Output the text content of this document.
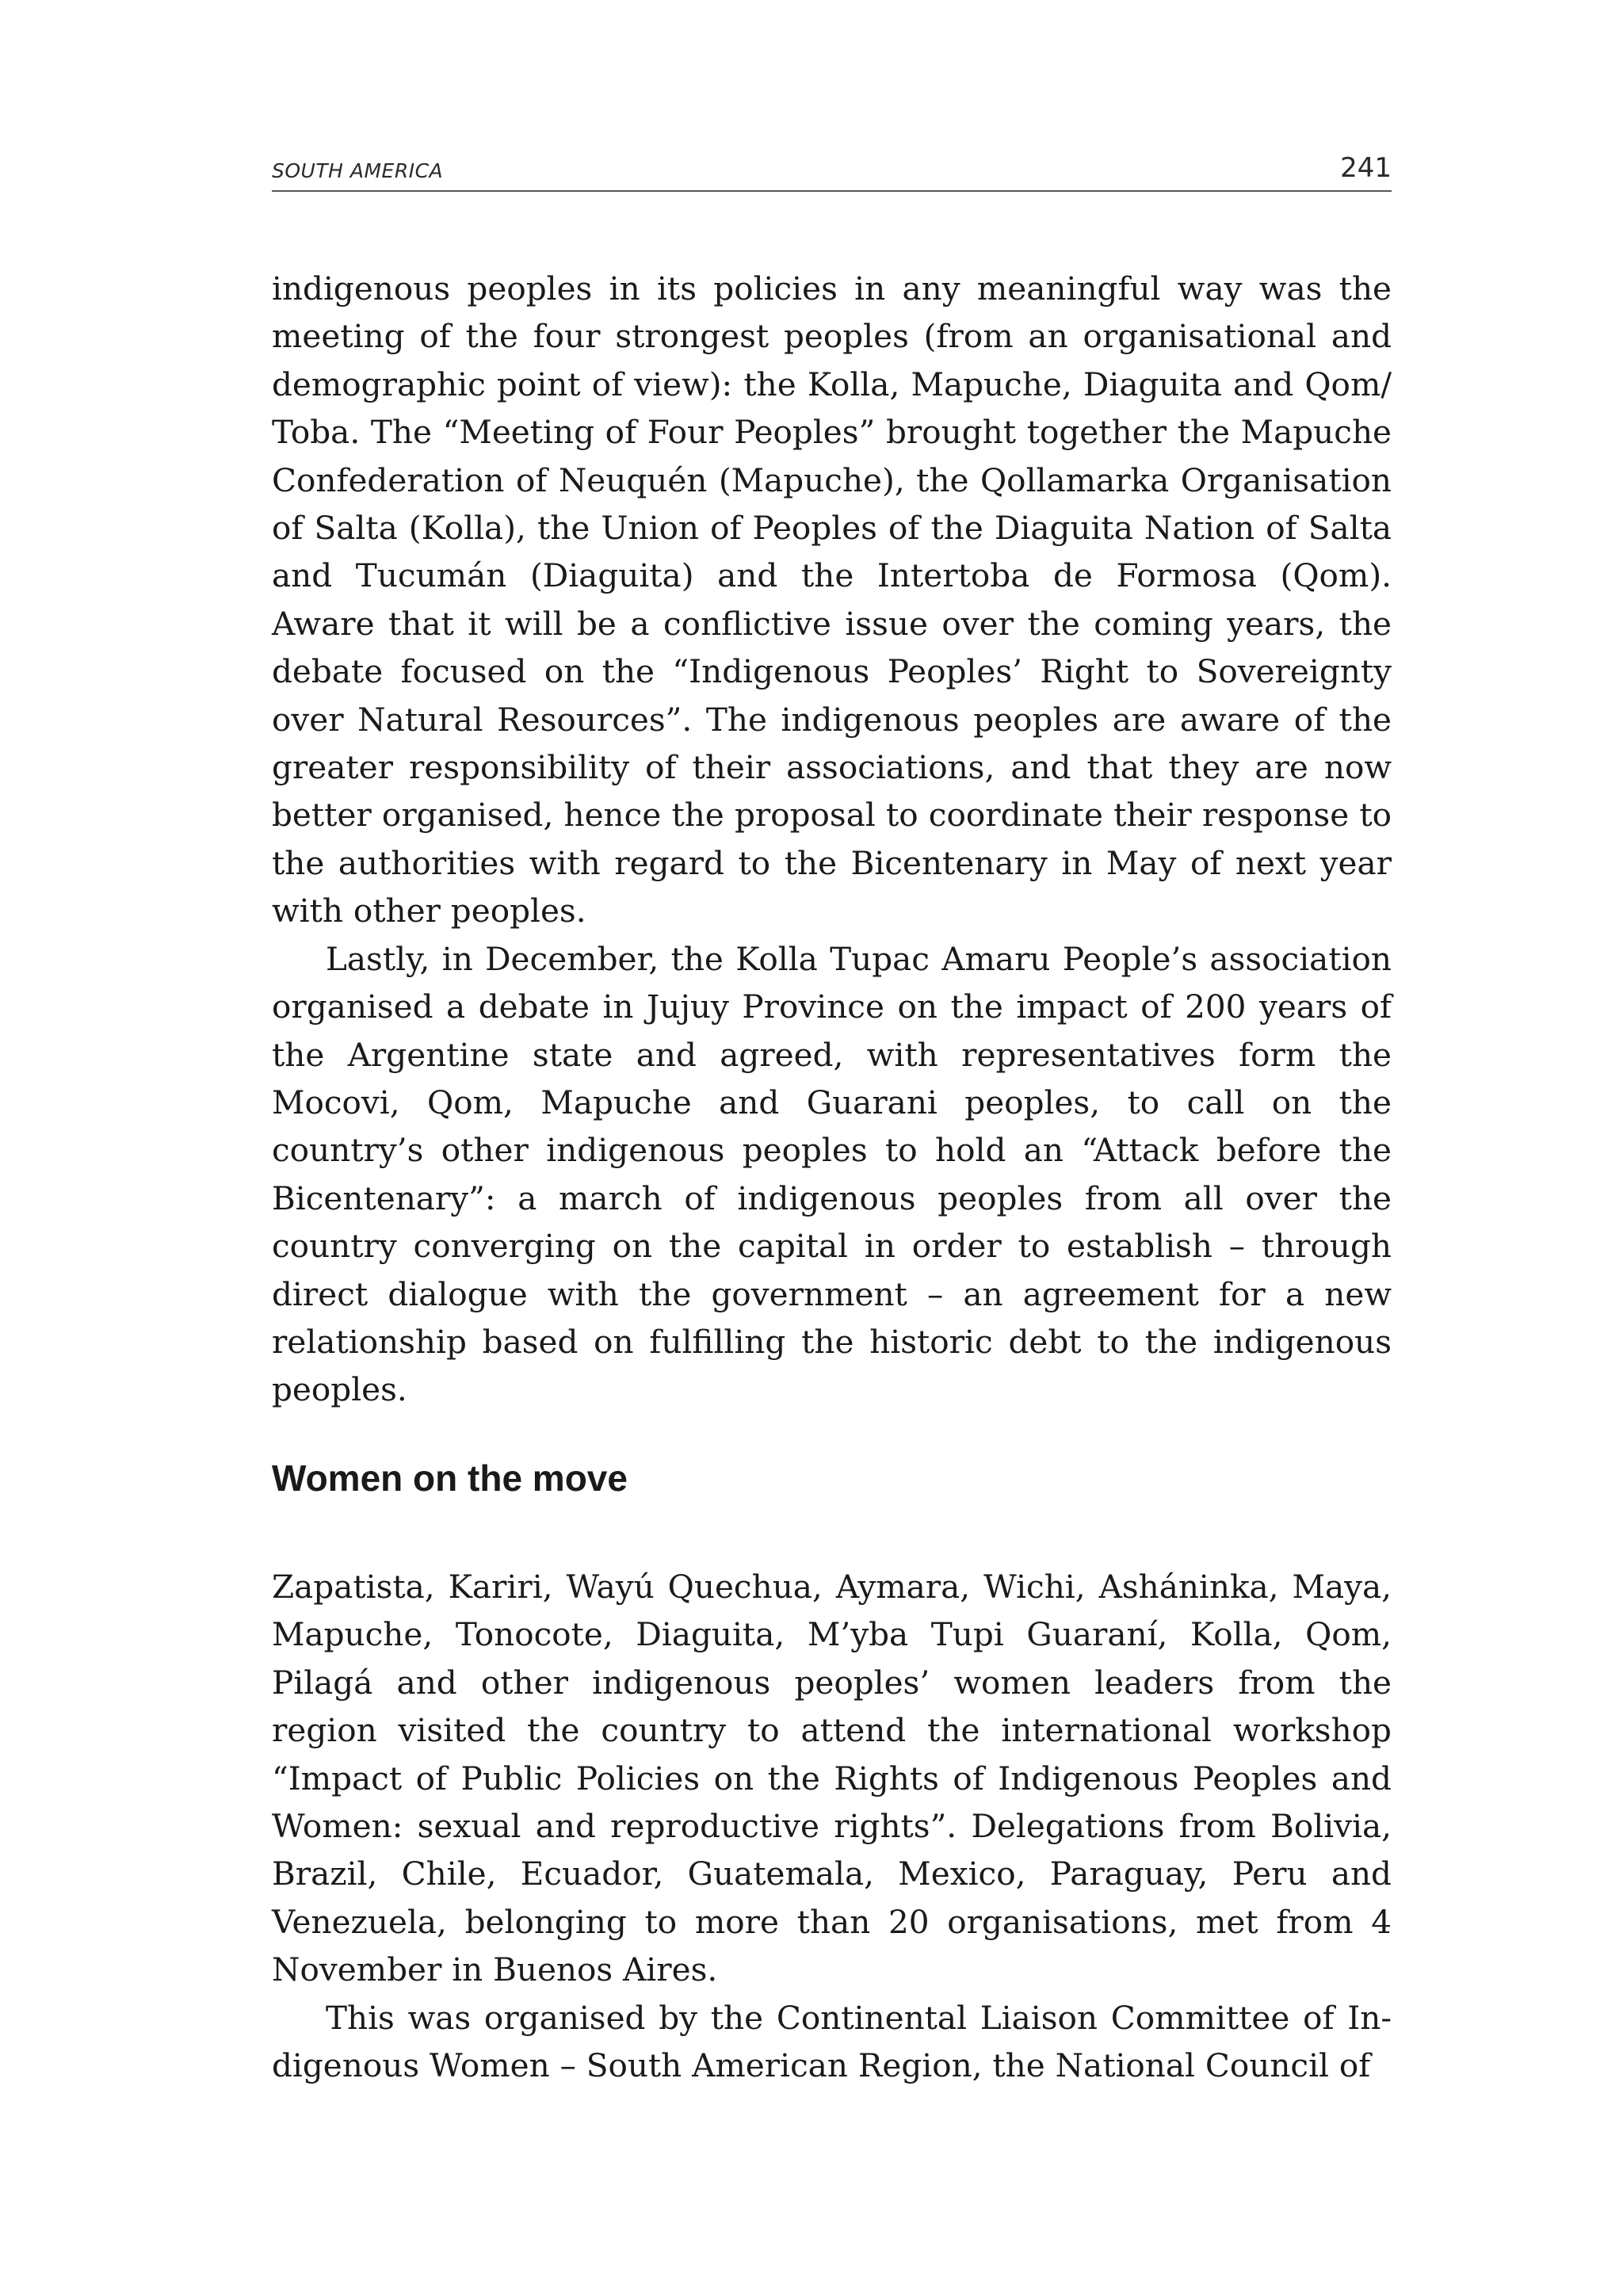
SOUTH AMERICA	241

indigenous peoples in its policies in any meaningful way was the meeting of the four strongest peoples (from an organisational and demographic point of view): the Kolla, Mapuche, Diaguita and Qom/​Toba. The “Meeting of Four Peoples” brought together the Mapuche Confederation of Neuquén (Mapuche), the Qollamarka Organisation of Salta (Kolla), the Union of Peoples of the Diaguita Nation of Salta and Tucumán (Diaguita) and the Intertoba de Formosa (Qom). Aware that it will be a conflictive issue over the coming years, the debate focused on the “Indigenous Peoples’ Right to Sovereignty over Natural Resources”. The indigenous peoples are aware of the greater responsibility of their associations, and that they are now better organised, hence the proposal to coordinate their response to the authorities with regard to the Bicentenary in May of next year with other peoples.

Lastly, in December, the Kolla Tupac Amaru People’s association organised a debate in Jujuy Province on the impact of 200 years of the Argentine state and agreed, with representatives form the Mocovi, Qom, Mapuche and Guarani peoples, to call on the country’s other indigenous peoples to hold an “Attack before the Bicentenary”: a march of indigenous peoples from all over the country converging on the capital in order to establish – through direct dialogue with the government – an agreement for a new relationship based on fulfilling the historic debt to the indigenous peoples.

Women on the move

Zapatista, Kariri, Wayú Quechua, Aymara, Wichi, Asháninka, Maya, Mapuche, Tonocote, Diaguita, M’yba Tupi Guaraní, Kolla, Qom, Pilagá and other indigenous peoples’ women leaders from the region visited the country to attend the international workshop “Impact of Public Policies on the Rights of Indigenous Peoples and Women: sexual and reproductive rights”. Delegations from Bolivia, Brazil, Chile, Ecuador, Guatemala, Mexico, Paraguay, Peru and Venezuela, belonging to more than 20 organisations, met from 4 November in Buenos Aires.

This was organised by the Continental Liaison Committee of Indigenous Women – South American Region, the National Council of
